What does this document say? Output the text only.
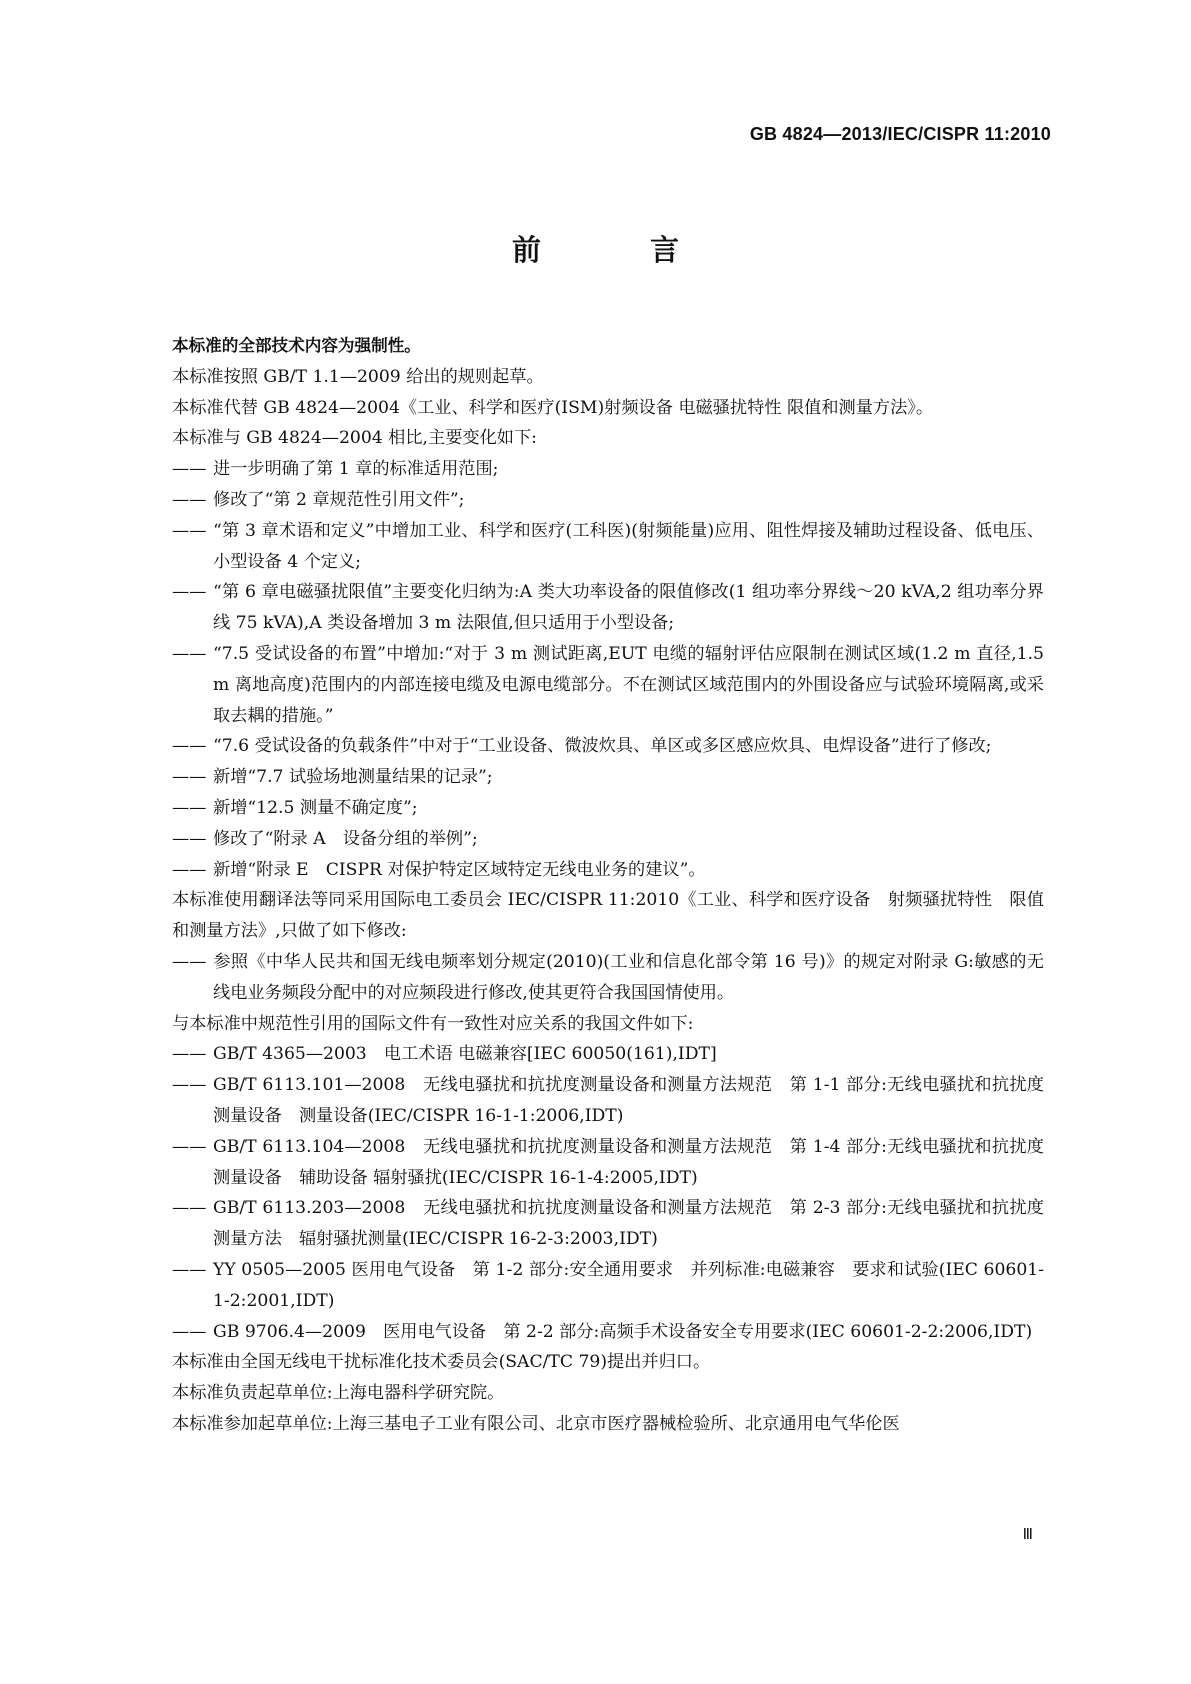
GB 4824—2013/IEC/CISPR 11:2010
前　言

本标准的全部技术内容为强制性。

本标准按照 GB/T 1.1—2009 给出的规则起草。

本标准代替 GB 4824—2004《工业、科学和医疗(ISM)射频设备 电磁骚扰特性 限值和测量方法》。

本标准与 GB 4824—2004 相比,主要变化如下:

—— 进一步明确了第 1 章的标准适用范围;

—— 修改了“第 2 章规范性引用文件”;

—— “第 3 章术语和定义”中增加工业、科学和医疗(工科医)(射频能量)应用、阻性焊接及辅助过程设备、低电压、小型设备 4 个定义;

—— “第 6 章电磁骚扰限值”主要变化归纳为:A 类大功率设备的限值修改(1 组功率分界线～20 kVA,2 组功率分界线 75 kVA),A 类设备增加 3 m 法限值,但只适用于小型设备;

—— “7.5 受试设备的布置”中增加:“对于 3 m 测试距离,EUT 电缆的辐射评估应限制在测试区域(1.2 m 直径,1.5 m 离地高度)范围内的内部连接电缆及电源电缆部分。不在测试区域范围内的外围设备应与试验环境隔离,或采取去耦的措施。”

—— “7.6 受试设备的负载条件”中对于“工业设备、微波炊具、单区或多区感应炊具、电焊设备”进行了修改;

—— 新增“7.7 试验场地测量结果的记录”;

—— 新增“12.5 测量不确定度”;

—— 修改了“附录 A　设备分组的举例”;

—— 新增“附录 E　CISPR 对保护特定区域特定无线电业务的建议”。

本标准使用翻译法等同采用国际电工委员会 IEC/CISPR 11:2010《工业、科学和医疗设备　射频骚扰特性　限值和测量方法》,只做了如下修改:

—— 参照《中华人民共和国无线电频率划分规定(2010)(工业和信息化部令第 16 号)》的规定对附录 G:敏感的无线电业务频段分配中的对应频段进行修改,使其更符合我国国情使用。

与本标准中规范性引用的国际文件有一致性对应关系的我国文件如下:

—— GB/T 4365—2003　电工术语 电磁兼容[IEC 60050(161),IDT]

—— GB/T 6113.101—2008　无线电骚扰和抗扰度测量设备和测量方法规范　第 1-1 部分:无线电骚扰和抗扰度测量设备　测量设备(IEC/CISPR 16-1-1:2006,IDT)

—— GB/T 6113.104—2008　无线电骚扰和抗扰度测量设备和测量方法规范　第 1-4 部分:无线电骚扰和抗扰度测量设备　辅助设备 辐射骚扰(IEC/CISPR 16-1-4:2005,IDT)

—— GB/T 6113.203—2008　无线电骚扰和抗扰度测量设备和测量方法规范　第 2-3 部分:无线电骚扰和抗扰度测量方法　辐射骚扰测量(IEC/CISPR 16-2-3:2003,IDT)

—— YY 0505—2005 医用电气设备　第 1-2 部分:安全通用要求　并列标准:电磁兼容　要求和试验(IEC 60601-1-2:2001,IDT)

—— GB 9706.4—2009　医用电气设备　第 2-2 部分:高频手术设备安全专用要求(IEC 60601-2-2:2006,IDT)

本标准由全国无线电干扰标准化技术委员会(SAC/TC 79)提出并归口。

本标准负责起草单位:上海电器科学研究院。

本标准参加起草单位:上海三基电子工业有限公司、北京市医疗器械检验所、北京通用电气华伦医

Ⅲ
